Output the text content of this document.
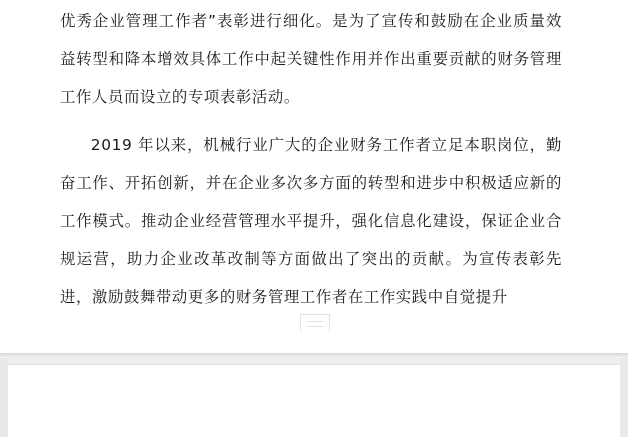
优秀企业管理工作者”表彰进行细化。是为了宣传和鼓励在企业质量效益转型和降本增效具体工作中起关键性作用并作出重要贡献的财务管理工作人员而设立的专项表彰活动。

2019 年以来，机械行业广大的企业财务工作者立足本职岗位，勤奋工作、开拓创新，并在企业多次多方面的转型和进步中积极适应新的工作模式。推动企业经营管理水平提升，强化信息化建设，保证企业合规运营，助力企业改革改制等方面做出了突出的贡献。为宣传表彰先进，激励鼓舞带动更多的财务管理工作者在工作实践中自觉提升
